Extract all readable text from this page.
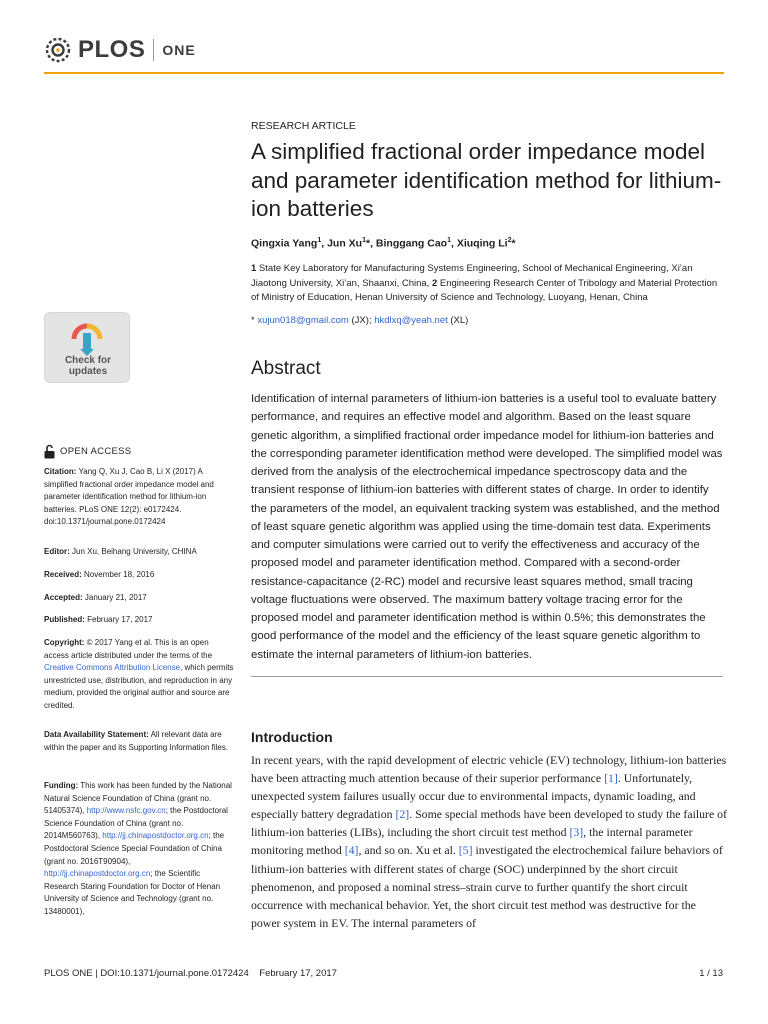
PLOS ONE
RESEARCH ARTICLE
A simplified fractional order impedance model and parameter identification method for lithium-ion batteries
Qingxia Yang$^1$, Jun Xu$^1$*, Binggang Cao$^1$, Xiuqing Li$^2$*
1 State Key Laboratory for Manufacturing Systems Engineering, School of Mechanical Engineering, Xi’an Jiaotong University, Xi’an, Shaanxi, China, 2 Engineering Research Center of Tribology and Material Protection of Ministry of Education, Henan University of Science and Technology, Luoyang, Henan, China
* xujun018@gmail.com (JX); hkdlxq@yeah.net (XL)
Abstract

Identification of internal parameters of lithium-ion batteries is a useful tool to evaluate battery performance, and requires an effective model and algorithm. Based on the least square genetic algorithm, a simplified fractional order impedance model for lithium-ion batteries and the corresponding parameter identification method were developed. The simplified model was derived from the analysis of the electrochemical impedance spectroscopy data and the transient response of lithium-ion batteries with different states of charge. In order to identify the parameters of the model, an equivalent tracking system was established, and the method of least square genetic algorithm was applied using the time-domain test data. Experiments and computer simulations were carried out to verify the effectiveness and accuracy of the proposed model and parameter identification method. Compared with a second-order resistance-capacitance (2-RC) model and recursive least squares method, small tracing voltage fluctuations were observed. The maximum battery voltage tracing error for the proposed model and parameter identification method is within 0.5%; this demonstrates the good performance of the model and the efficiency of the least square genetic algorithm to estimate the internal parameters of lithium-ion batteries.

Introduction

In recent years, with the rapid development of electric vehicle (EV) technology, lithium-ion batteries have been attracting much attention because of their superior performance [1]. Unfortunately, unexpected system failures usually occur due to environmental impacts, dynamic loading, and especially battery degradation [2]. Some special methods have been developed to study the failure of lithium-ion batteries (LIBs), including the short circuit test method [3], the internal parameter monitoring method [4], and so on. Xu et al. [5] investigated the electrochemical failure behaviors of lithium-ion batteries with different states of charge (SOC) underpinned by the short circuit phenomenon, and proposed a nominal stress–strain curve to further quantify the short circuit occurrence with mechanical behavior. Yet, the short circuit test method was destructive for the power system in EV. The internal parameters of

Check for updates
OPEN ACCESS
Citation: Yang Q, Xu J, Cao B, Li X (2017) A simplified fractional order impedance model and parameter identification method for lithium-ion batteries. PLoS ONE 12(2): e0172424. doi:10.1371/journal.pone.0172424
Editor: Jun Xu, Beihang University, CHINA
Received: November 18, 2016
Accepted: January 21, 2017
Published: February 17, 2017
Copyright: © 2017 Yang et al. This is an open access article distributed under the terms of the Creative Commons Attribution License, which permits unrestricted use, distribution, and reproduction in any medium, provided the original author and source are credited.
Data Availability Statement: All relevant data are within the paper and its Supporting Information files.
Funding: This work has been funded by the National Natural Science Foundation of China (grant no. 51405374), http://www.nsfc.gov.cn; the Postdoctoral Science Foundation of China (grant no. 2014M560763), http://jj.chinapostdoctor.org.cn; the Postdoctoral Science Special Foundation of China (grant no. 2016T90904), http://jj.chinapostdoctor.org.cn; the Scientific Research Staring Foundation for Doctor of Henan University of Science and Technology (grant no. 13480001),
PLOS ONE | DOI:10.1371/journal.pone.0172424    February 17, 2017	1 / 13
